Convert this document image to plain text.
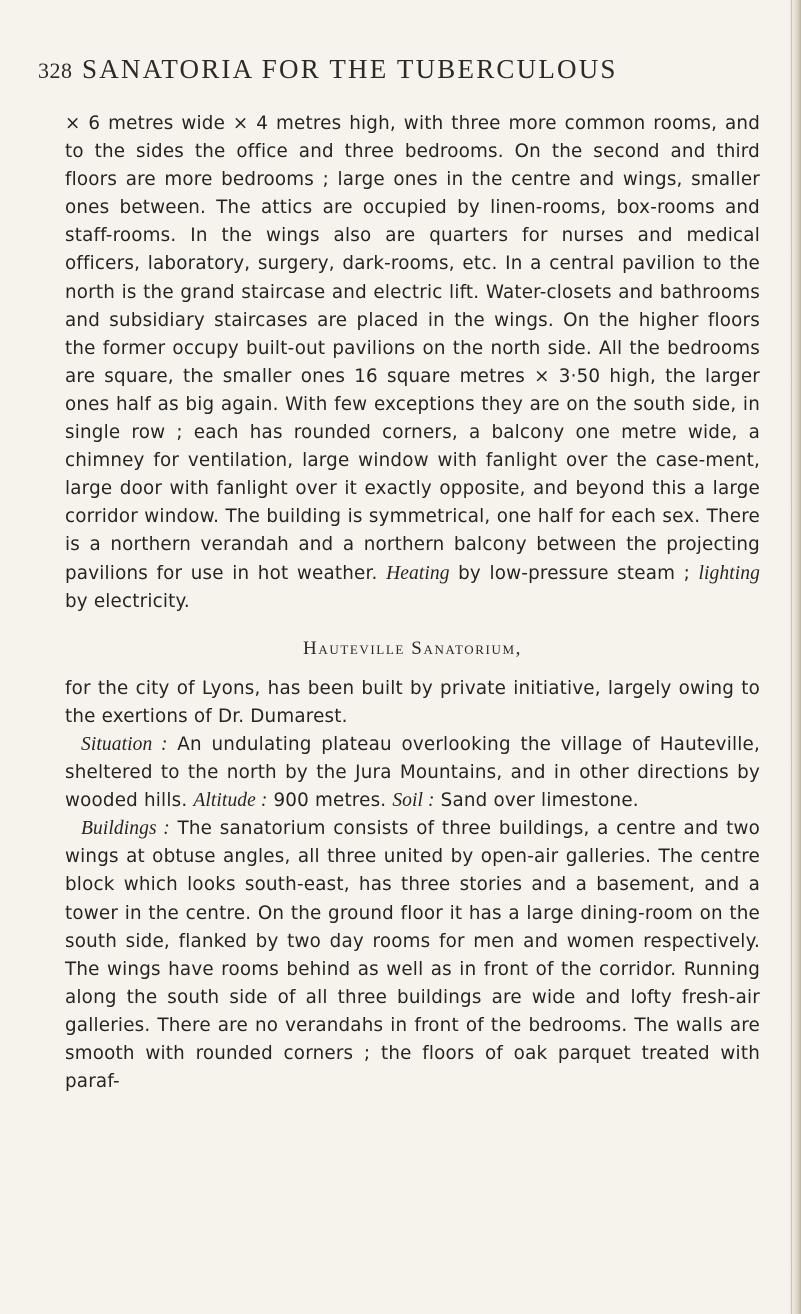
328 SANATORIA FOR THE TUBERCULOUS

× 6 metres wide × 4 metres high, with three more common rooms, and to the sides the office and three bedrooms. On the second and third floors are more bedrooms ; large ones in the centre and wings, smaller ones between. The attics are occupied by linen-rooms, box-rooms and staff-rooms. In the wings also are quarters for nurses and medical officers, laboratory, surgery, dark-rooms, etc. In a central pavilion to the north is the grand staircase and electric lift. Water-closets and bathrooms and subsidiary staircases are placed in the wings. On the higher floors the former occupy built-out pavilions on the north side. All the bedrooms are square, the smaller ones 16 square metres × 3·50 high, the larger ones half as big again. With few exceptions they are on the south side, in single row ; each has rounded corners, a balcony one metre wide, a chimney for ventilation, large window with fanlight over the case-ment, large door with fanlight over it exactly opposite, and beyond this a large corridor window. The building is symmetrical, one half for each sex. There is a northern verandah and a northern balcony between the projecting pavilions for use in hot weather. Heating by low-pressure steam ; lighting by electricity.

Hauteville Sanatorium,

for the city of Lyons, has been built by private initiative, largely owing to the exertions of Dr. Dumarest.

Situation : An undulating plateau overlooking the village of Hauteville, sheltered to the north by the Jura Mountains, and in other directions by wooded hills. Altitude : 900 metres. Soil : Sand over limestone.

Buildings : The sanatorium consists of three buildings, a centre and two wings at obtuse angles, all three united by open-air galleries. The centre block which looks south-east, has three stories and a basement, and a tower in the centre. On the ground floor it has a large dining-room on the south side, flanked by two day rooms for men and women respectively. The wings have rooms behind as well as in front of the corridor. Running along the south side of all three buildings are wide and lofty fresh-air galleries. There are no verandahs in front of the bedrooms. The walls are smooth with rounded corners ; the floors of oak parquet treated with paraf-
